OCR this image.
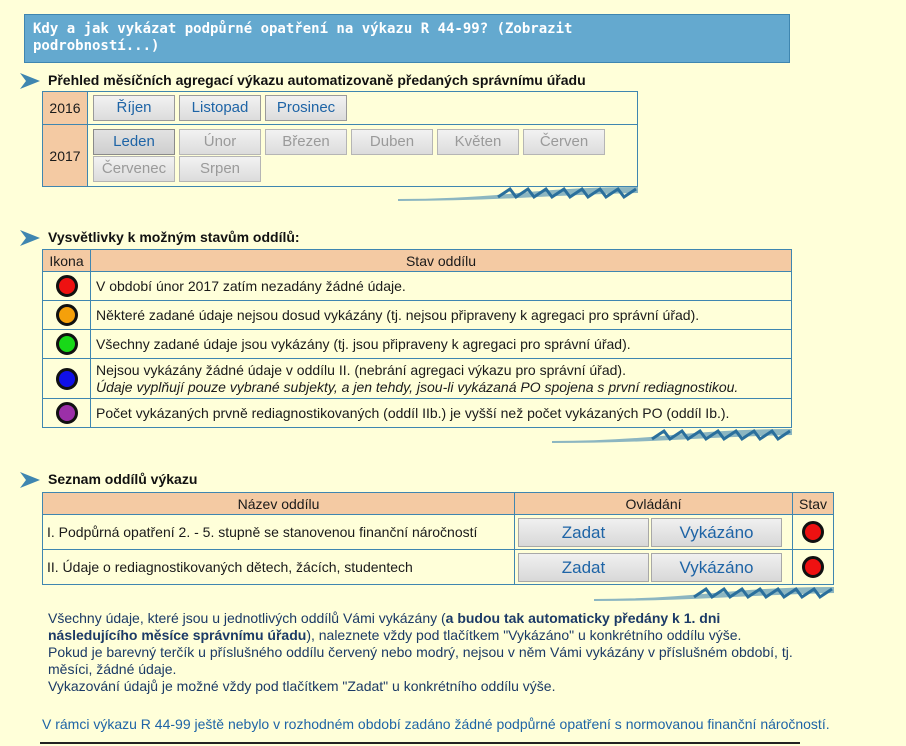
Kdy a jak vykázat podpůrné opatření na výkazu R 44-99? (Zobrazit
podrobností...)
Přehled měsíčních agregací výkazu automatizovaně předaných správnímu úřadu
2016	Říjen Listopad Prosinec
2017	Leden Únor Březen Duben Květen Červen
Červenec Srpen
Vysvětlivky k možným stavům oddílů:
Ikona	Stav oddílu
	V období únor 2017 zatím nezadány žádné údaje.
	Některé zadané údaje nejsou dosud vykázány (tj. nejsou připraveny k agregaci pro správní úřad).
	Všechny zadané údaje jsou vykázány (tj. jsou připraveny k agregaci pro správní úřad).

	Nejsou vykázány žádné údaje v oddílu II. (nebrání agregaci výkazu pro správní úřad).
Údaje vyplňují pouze vybrané subjekty, a jen tehdy, jsou-li vykázaná PO spojena s první rediagnostikou.

	Počet vykázaných prvně rediagnostikovaných (oddíl IIb.) je vyšší než počet vykázaných PO (oddíl Ib.).
Seznam oddílů výkazu
Název oddílu	Ovládání	Stav
I. Podpůrná opatření 2. - 5. stupně se stanovenou finanční náročností	Zadat Vykázáno	
II. Údaje o rediagnostikovaných dětech, žácích, studentech	Zadat Vykázáno	
Všechny údaje, které jsou u jednotlivých oddílů Vámi vykázány (a budou tak automaticky předány k 1. dni následujícího měsíce správnímu úřadu), naleznete vždy pod tlačítkem "Vykázáno" u konkrétního oddílu výše.
Pokud je barevný terčík u příslušného oddílu červený nebo modrý, nejsou v něm Vámi vykázány v příslušném období, tj. měsíci, žádné údaje.
Vykazování údajů je možné vždy pod tlačítkem "Zadat" u konkrétního oddílu výše.
V rámci výkazu R 44-99 ještě nebylo v rozhodném období zadáno žádné podpůrné opatření s normovanou finanční náročností.
